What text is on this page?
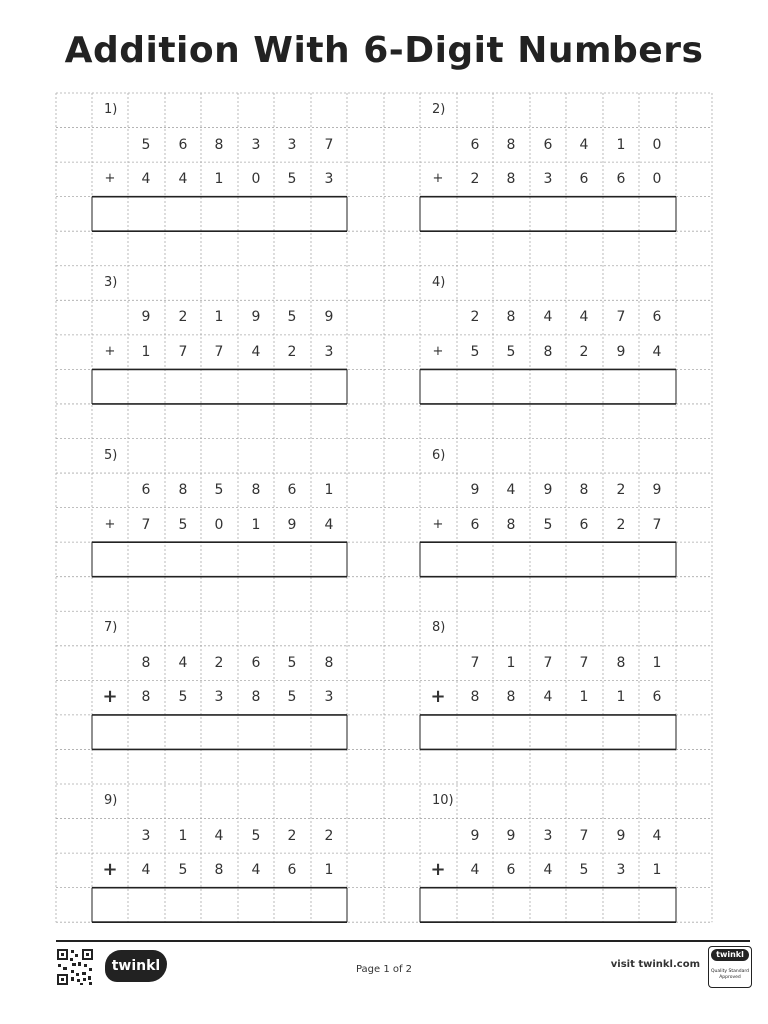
Addition With 6-Digit Numbers
1)
5	6	8	3	3	7
+	4	4	1	0	5	3
2)
6	8	6	4	1	0
+	2	8	3	6	6	0
3)
9	2	1	9	5	9
+	1	7	7	4	2	3
4)
2	8	4	4	7	6
+	5	5	8	2	9	4
5)
6	8	5	8	6	1
+	7	5	0	1	9	4
6)
9	4	9	8	2	9
+	6	8	5	6	2	7
7)
8	4	2	6	5	8
+	8	5	3	8	5	3
8)
7	1	7	7	8	1
+	8	8	4	1	1	6
9)
3	1	4	5	2	2
+	4	5	8	4	6	1
10)
9	9	3	7	9	4
+	4	6	4	5	3	1
twinkl	Page 1 of 2	visit twinkl.com
twinkl
Quality Standard Approved
